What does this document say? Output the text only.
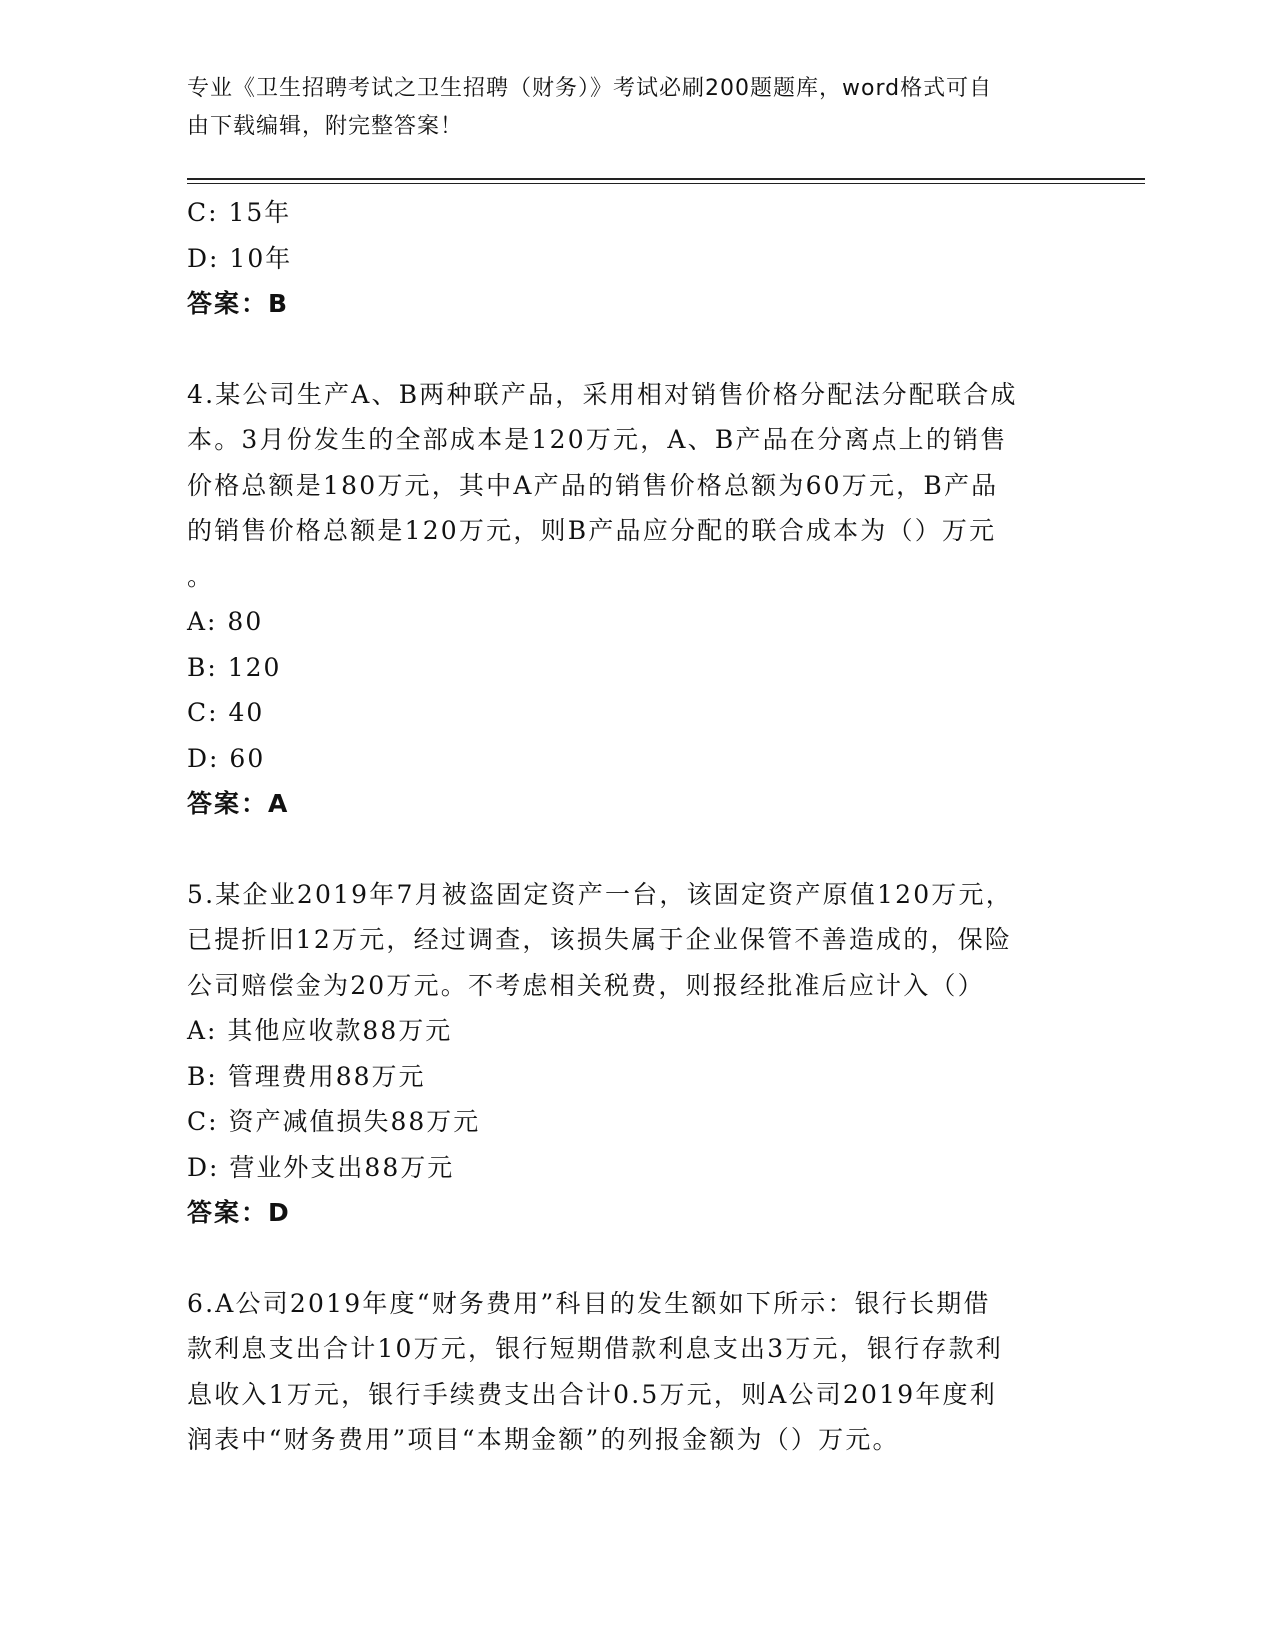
专业《卫生招聘考试之卫生招聘（财务）》考试必刷200题题库，word格式可自
由下载编辑，附完整答案！
C: 15年
D: 10年
答案：B
4.某公司生产A、B两种联产品，采用相对销售价格分配法分配联合成
本。3月份发生的全部成本是120万元，A、B产品在分离点上的销售
价格总额是180万元，其中A产品的销售价格总额为60万元，B产品
的销售价格总额是120万元，则B产品应分配的联合成本为（）万元
。
A: 80
B: 120
C: 40
D: 60
答案：A
5.某企业2019年7月被盗固定资产一台，该固定资产原值120万元，
已提折旧12万元，经过调查，该损失属于企业保管不善造成的，保险
公司赔偿金为20万元。不考虑相关税费，则报经批准后应计入（）
A: 其他应收款88万元
B: 管理费用88万元
C: 资产减值损失88万元
D: 营业外支出88万元
答案：D
6.A公司2019年度“财务费用”科目的发生额如下所示：银行长期借
款利息支出合计10万元，银行短期借款利息支出3万元，银行存款利
息收入1万元，银行手续费支出合计0.5万元，则A公司2019年度利
润表中“财务费用”项目“本期金额”的列报金额为（）万元。
